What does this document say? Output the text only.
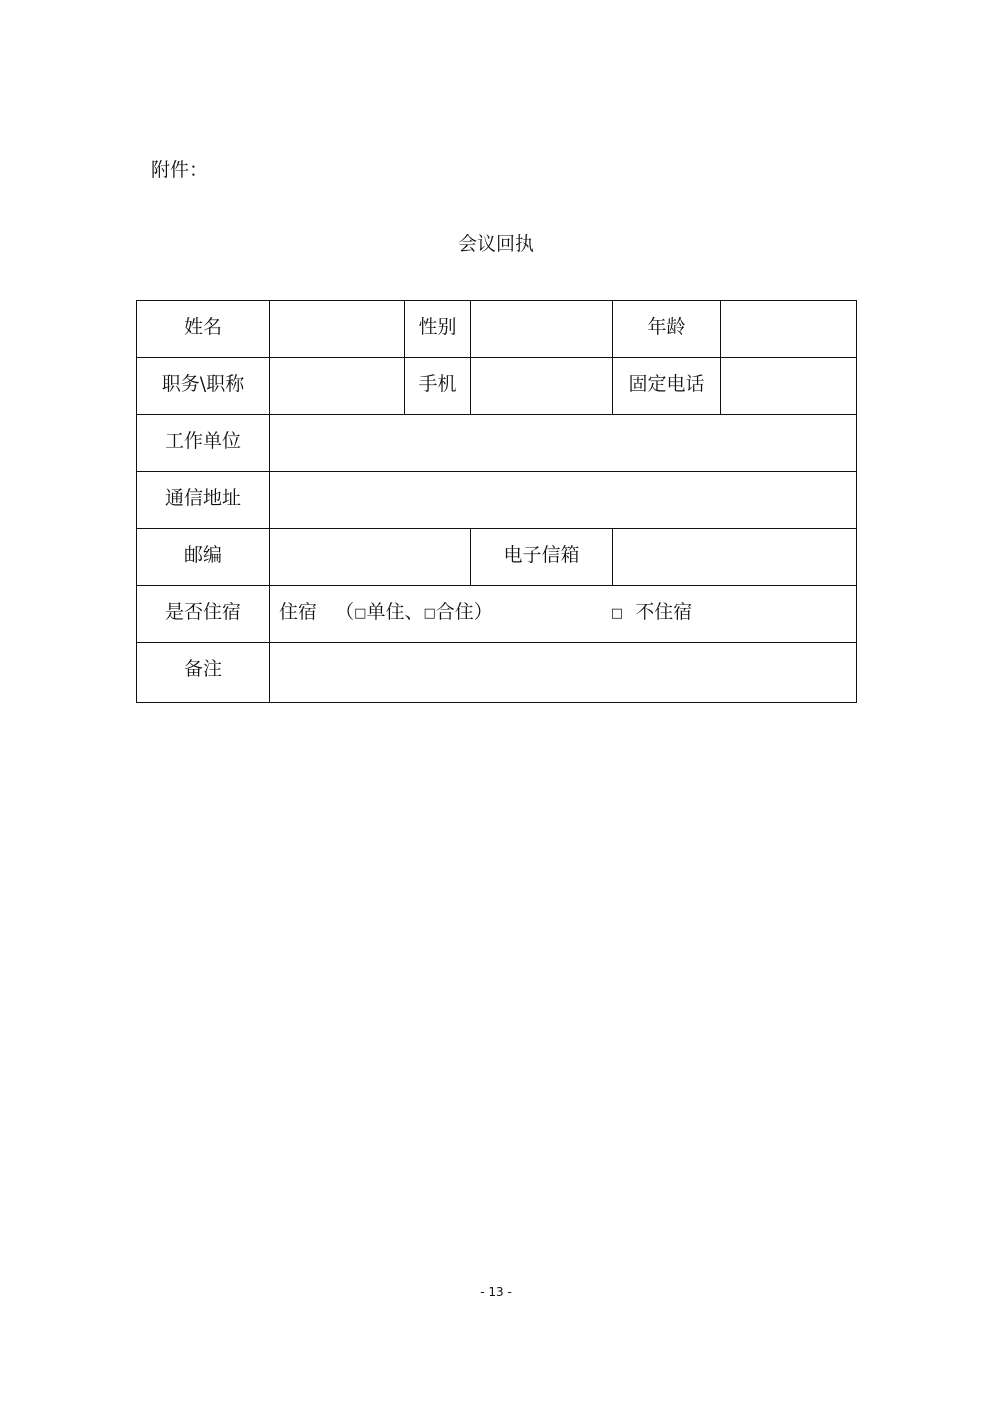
附件：
会议回执
姓名		性别		年龄	
职务\职称		手机		固定电话	
工作单位					
通信地址					
邮编			电子信箱		
是否住宿	住宿 （□单住、□合住） □ 不住宿				
备注					
- 13 -
